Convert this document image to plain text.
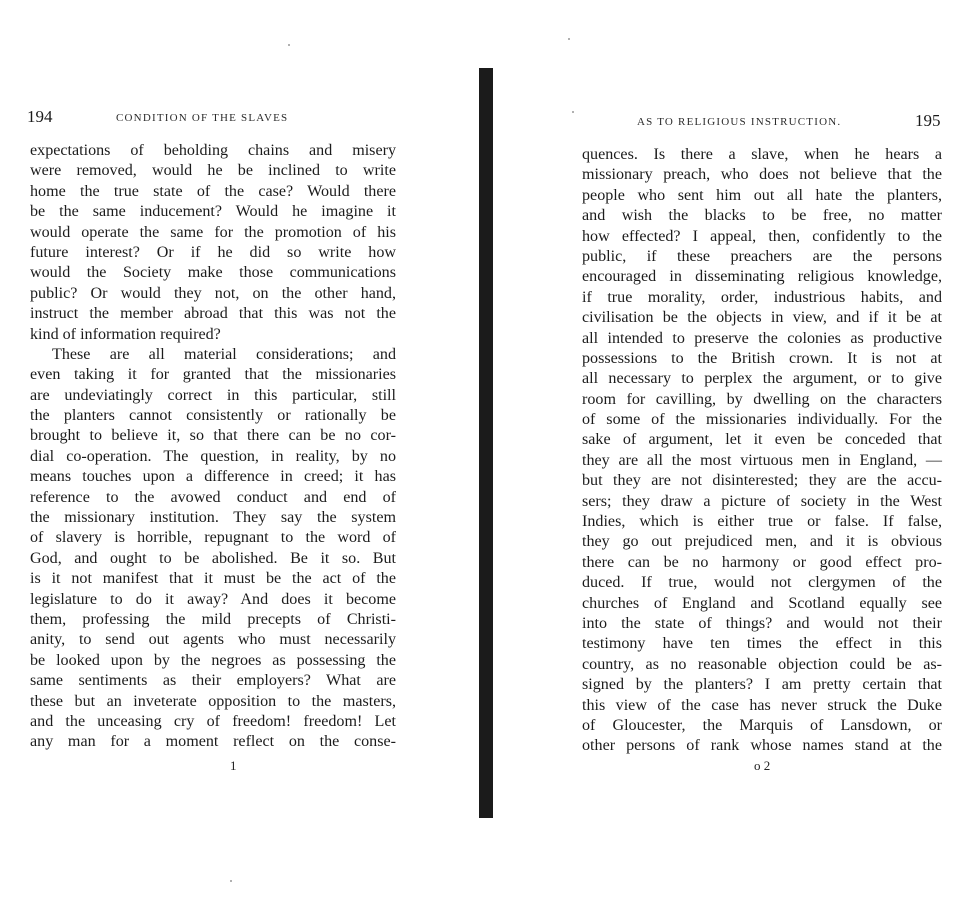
194	CONDITION OF THE SLAVES
expectations of beholding chains and misery
were removed, would he be inclined to write
home the true state of the case? Would there
be the same inducement? Would he imagine it
would operate the same for the promotion of his
future interest? Or if he did so write how
would the Society make those communications
public? Or would they not, on the other hand,
instruct the member abroad that this was not the
kind of information required?
These are all material considerations; and
even taking it for granted that the missionaries
are undeviatingly correct in this particular, still
the planters cannot consistently or rationally be
brought to believe it, so that there can be no cor-
dial co-operation. The question, in reality, by no
means touches upon a difference in creed; it has
reference to the avowed conduct and end of
the missionary institution. They say the system
of slavery is horrible, repugnant to the word of
God, and ought to be abolished. Be it so. But
is it not manifest that it must be the act of the
legislature to do it away? And does it become
them, professing the mild precepts of Christi-
anity, to send out agents who must necessarily
be looked upon by the negroes as possessing the
same sentiments as their employers? What are
these but an inveterate opposition to the masters,
and the unceasing cry of freedom! freedom! Let
any man for a moment reflect on the conse-
1
AS TO RELIGIOUS INSTRUCTION.	195
quences. Is there a slave, when he hears a
missionary preach, who does not believe that the
people who sent him out all hate the planters,
and wish the blacks to be free, no matter
how effected? I appeal, then, confidently to the
public, if these preachers are the persons
encouraged in disseminating religious knowledge,
if true morality, order, industrious habits, and
civilisation be the objects in view, and if it be at
all intended to preserve the colonies as productive
possessions to the British crown. It is not at
all necessary to perplex the argument, or to give
room for cavilling, by dwelling on the characters
of some of the missionaries individually. For the
sake of argument, let it even be conceded that
they are all the most virtuous men in England, —
but they are not disinterested; they are the accu-
sers; they draw a picture of society in the West
Indies, which is either true or false. If false,
they go out prejudiced men, and it is obvious
there can be no harmony or good effect pro-
duced. If true, would not clergymen of the
churches of England and Scotland equally see
into the state of things? and would not their
testimony have ten times the effect in this
country, as no reasonable objection could be as-
signed by the planters? I am pretty certain that
this view of the case has never struck the Duke
of Gloucester, the Marquis of Lansdown, or
other persons of rank whose names stand at the
o 2
